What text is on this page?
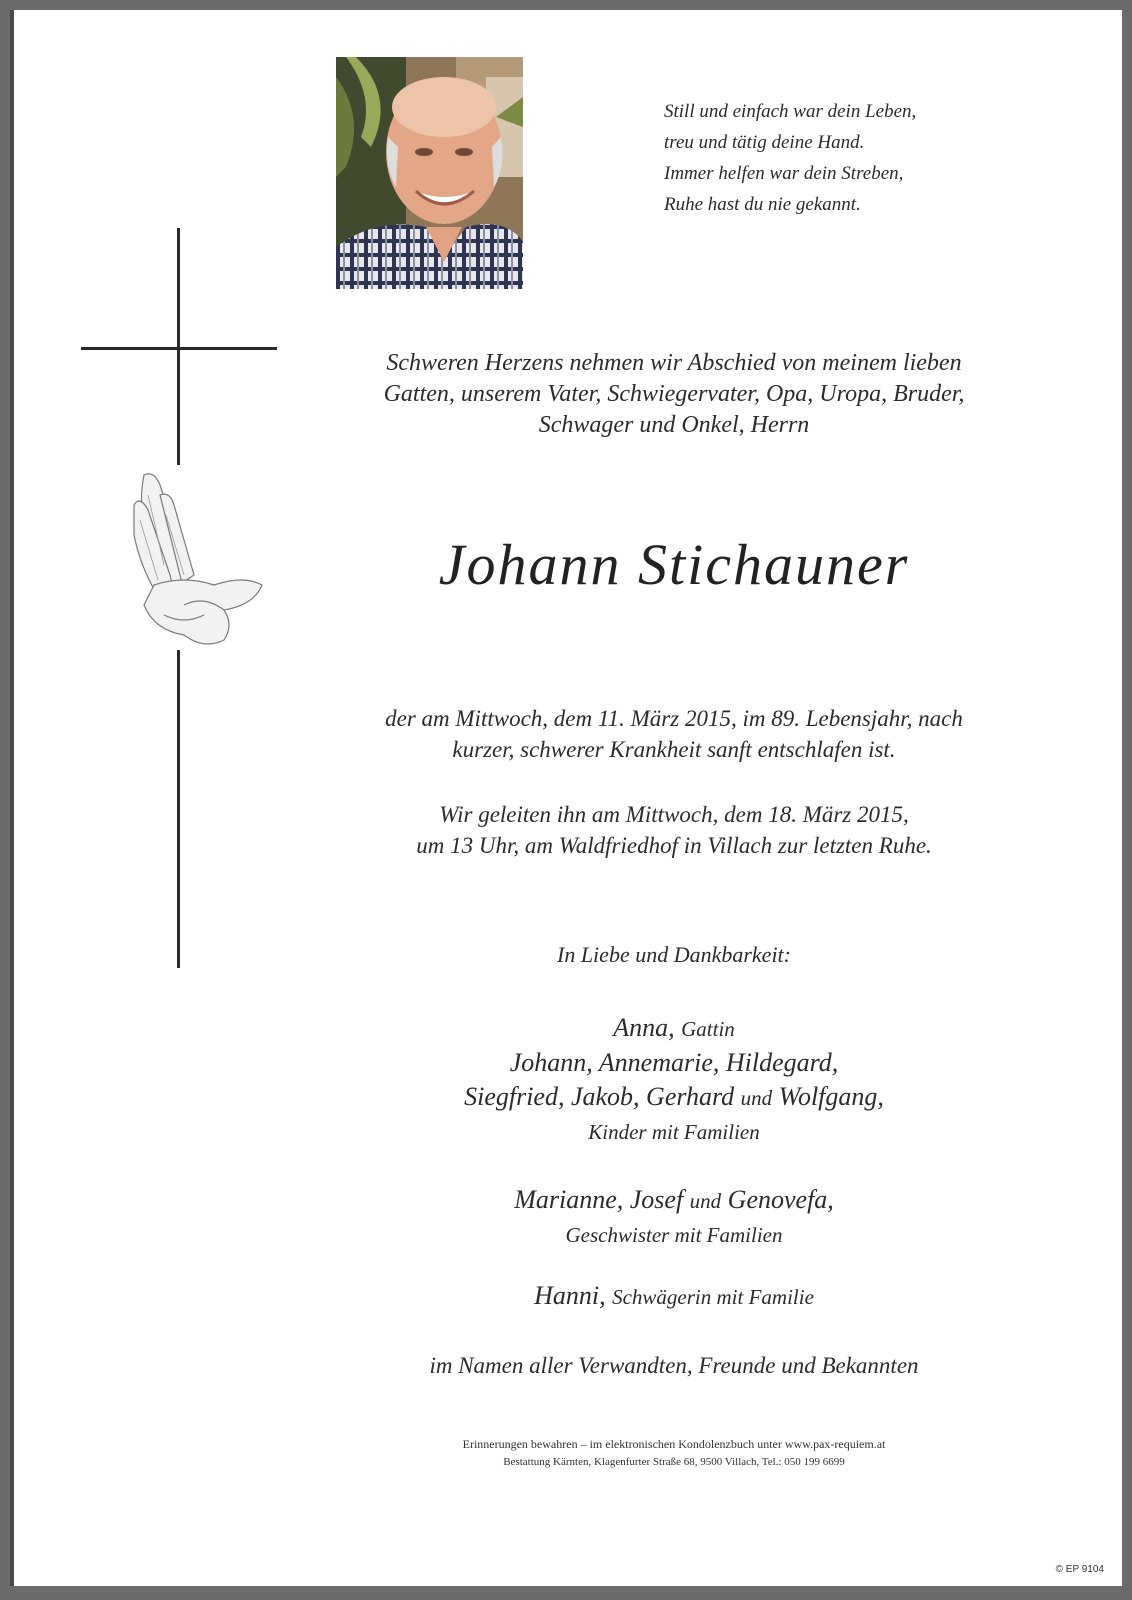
Still und einfach war dein Leben,
treu und tätig deine Hand.
Immer helfen war dein Streben,
Ruhe hast du nie gekannt.
Schweren Herzens nehmen wir Abschied von meinem lieben
Gatten, unserem Vater, Schwiegervater, Opa, Uropa, Bruder,
Schwager und Onkel, Herrn
Johann Stichauner
der am Mittwoch, dem 11. März 2015, im 89. Lebensjahr, nach
kurzer, schwerer Krankheit sanft entschlafen ist.
Wir geleiten ihn am Mittwoch, dem 18. März 2015,
um 13 Uhr, am Waldfriedhof in Villach zur letzten Ruhe.
In Liebe und Dankbarkeit:
Anna, Gattin
Johann, Annemarie, Hildegard,
Siegfried, Jakob, Gerhard und Wolfgang,
Kinder mit Familien
Marianne, Josef und Genovefa,
Geschwister mit Familien
Hanni, Schwägerin mit Familie
im Namen aller Verwandten, Freunde und Bekannten
Erinnerungen bewahren – im elektronischen Kondolenzbuch unter www.pax-requiem.at
Bestattung Kärnten, Klagenfurter Straße 68, 9500 Villach, Tel.: 050 199 6699
© EP 9104
